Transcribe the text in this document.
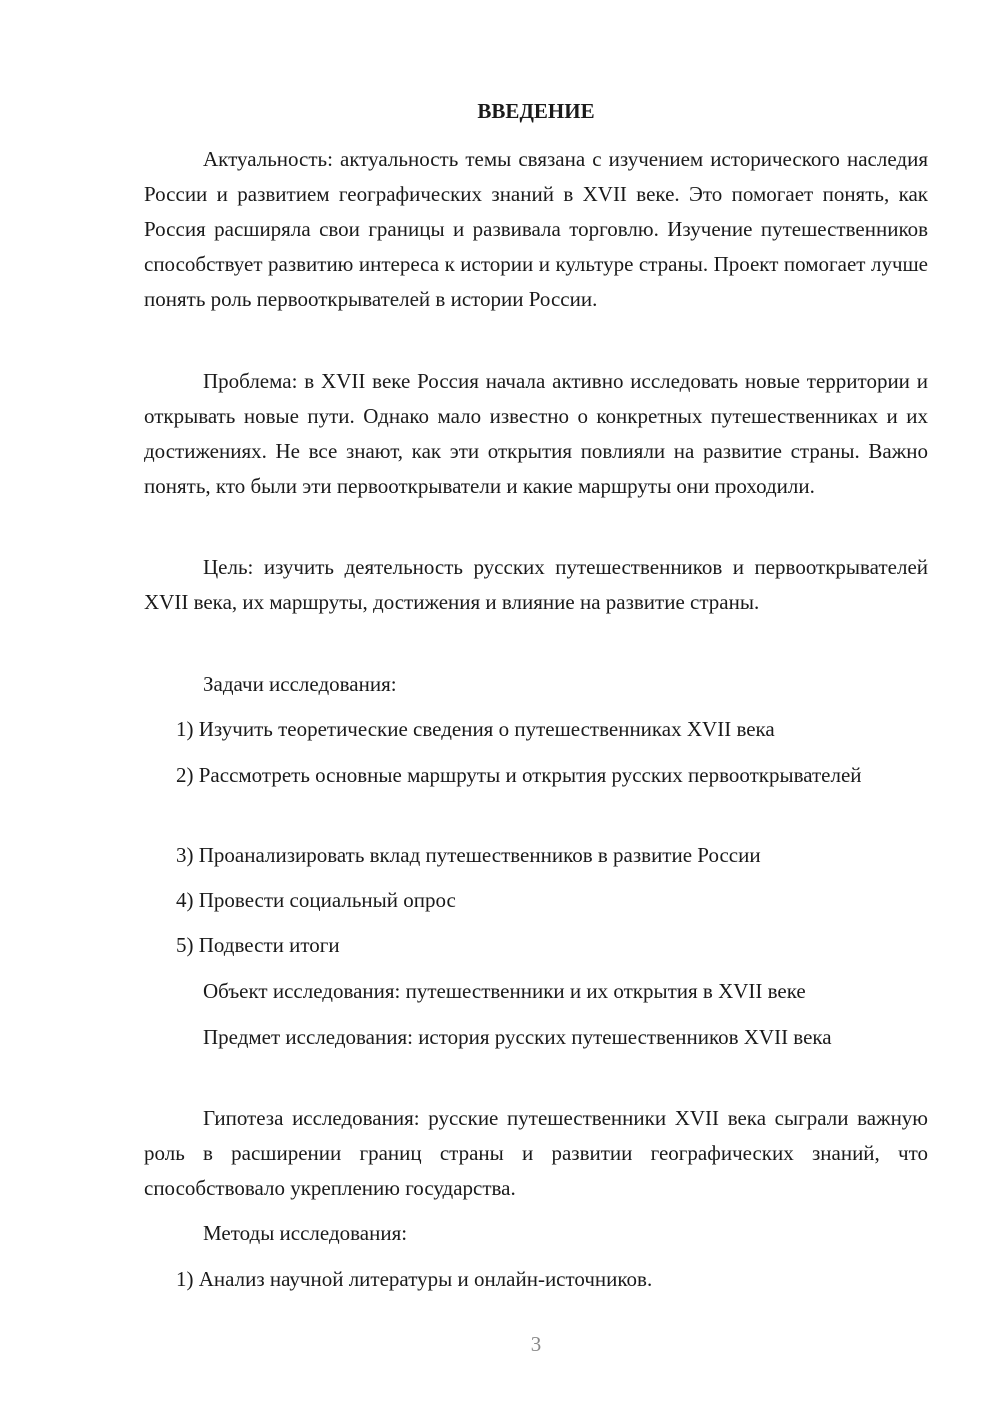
ВВЕДЕНИЕ

Актуальность: актуальность темы связана с изучением исторического наследия России и развитием географических знаний в XVII веке. Это помогает понять, как Россия расширяла свои границы и развивала торговлю. Изучение путешественников способствует развитию интереса к истории и культуре страны. Проект помогает лучше понять роль первооткрывателей в истории России.

Проблема: в XVII веке Россия начала активно исследовать новые территории и открывать новые пути. Однако мало известно о конкретных путешественниках и их достижениях. Не все знают, как эти открытия повлияли на развитие страны. Важно понять, кто были эти первооткрыватели и какие маршруты они проходили.

Цель: изучить деятельность русских путешественников и первооткрывателей XVII века, их маршруты, достижения и влияние на развитие страны.

Задачи исследования:

1) Изучить теоретические сведения о путешественниках XVII века

2) Рассмотреть основные маршруты и открытия русских первооткрывателей

3) Проанализировать вклад путешественников в развитие России

4) Провести социальный опрос

5) Подвести итоги

Объект исследования: путешественники и их открытия в XVII веке

Предмет исследования: история русских путешественников XVII века

Гипотеза исследования: русские путешественники XVII века сыграли важную роль в расширении границ страны и развитии географических знаний, что способствовало укреплению государства.

Методы исследования:

1) Анализ научной литературы и онлайн-источников.

3
